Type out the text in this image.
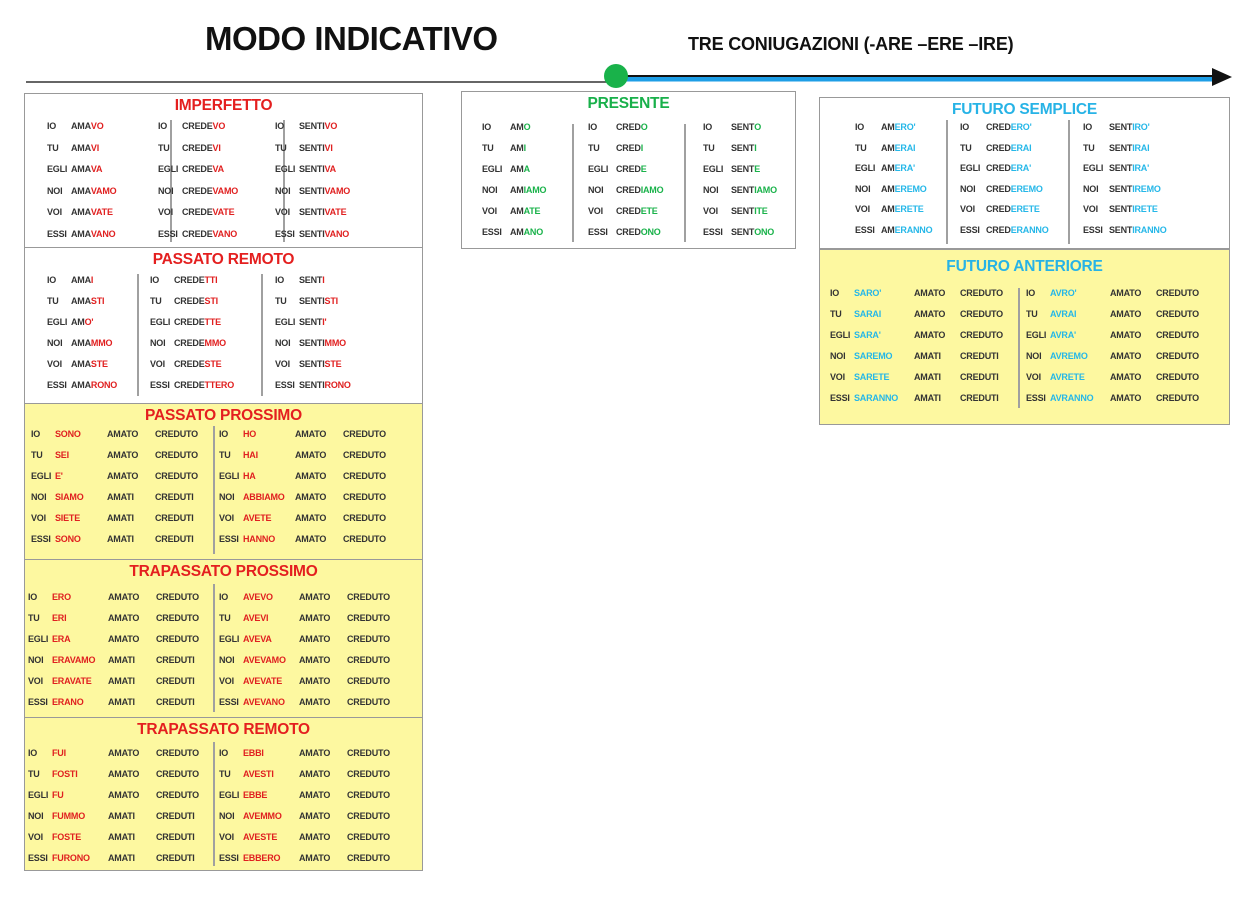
MODO INDICATIVO	TRE CONIUGAZIONI (-ARE –ERE –IRE)
IMPERFETTO
IO AMAVO
TU AMAVI
EGLI AMAVA
NOI AMAVAMO
VOI AMAVATE
ESSI AMAVANO
IO CREDEVO
TU CREDEVI
EGLI CREDEVA
NOI CREDEVAMO
VOI CREDEVATE
ESSI CREDEVANO
IO SENTIVO
TU SENTIVI
EGLI SENTIVA
NOI SENTIVAMO
VOI SENTIVATE
ESSI SENTIVANO
PASSATO REMOTO
IO AMAI
TU AMASTI
EGLI AMO'
NOI AMAMMO
VOI AMASTE
ESSI AMARONO
IO CREDETTI
TU CREDESTI
EGLI CREDETTE
NOI CREDEMMO
VOI CREDESTE
ESSI CREDETTERO
IO SENTI
TU SENTISTI
EGLI SENTI'
NOI SENTIMMO
VOI SENTISTE
ESSI SENTIRONO
PASSATO PROSSIMO
IO SONO	AMATO CREDUTO
TU SEI	AMATO CREDUTO
EGLI E'	AMATO CREDUTO
NOI SIAMO	AMATI CREDUTI
VOI SIETE	AMATI CREDUTI
ESSI SONO	AMATI CREDUTI
IO HO	AMATO CREDUTO
TU HAI	AMATO CREDUTO
EGLI HA	AMATO CREDUTO
NOI ABBIAMO AMATO CREDUTO
VOI AVETE	AMATO CREDUTO
ESSI HANNO AMATO CREDUTO
TRAPASSATO PROSSIMO
IO ERO	AMATO CREDUTO
TU ERI	AMATO CREDUTO
EGLI ERA	AMATO CREDUTO
NOI ERAVAMO AMATI CREDUTI
VOI ERAVATE AMATI CREDUTI
ESSI ERANO	AMATI CREDUTI
IO AVEVO	AMATO CREDUTO
TU AVEVI	AMATO CREDUTO
EGLI AVEVA	AMATO CREDUTO
NOI AVEVAMO AMATO CREDUTO
VOI AVEVATE AMATO CREDUTO
ESSI AVEVANO AMATO CREDUTO
TRAPASSATO REMOTO
IO FUI	AMATO CREDUTO
TU FOSTI	AMATO CREDUTO
EGLI FU	AMATO CREDUTO
NOI FUMMO	AMATI CREDUTI
VOI FOSTE	AMATI CREDUTI
ESSI FURONO AMATI CREDUTI
IO EBBI	AMATO CREDUTO
TU AVESTI	AMATO CREDUTO
EGLI EBBE	AMATO CREDUTO
NOI AVEMMO AMATO CREDUTO
VOI AVESTE AMATO CREDUTO
ESSI EBBERO AMATO CREDUTO
PRESENTE
IO AMO
TU AMI
EGLI AMA
NOI AMIAMO
VOI AMATE
ESSI AMANO
IO CREDO
TU CREDI
EGLI CREDE
NOI CREDIAMO
VOI CREDETE
ESSI CREDONO
IO SENTO
TU SENTI
EGLI SENTE
NOI SENTIAMO
VOI SENTITE
ESSI SENTONO
FUTURO SEMPLICE
IO AMERO'
TU AMERAI
EGLI AMERA'
NOI AMEREMO
VOI AMERETE
ESSI AMERANNO
IO CREDERO'
TU CREDERAI
EGLI CREDERA'
NOI CREDEREMO
VOI CREDERETE
ESSI CREDERANNO
IO SENTIRO'
TU SENTIRAI
EGLI SENTIRA'
NOI SENTIREMO
VOI SENTIRETE
ESSI SENTIRANNO
FUTURO ANTERIORE
IO SARO'	AMATO CREDUTO
TU SARAI	AMATO CREDUTO
EGLI SARA'	AMATO CREDUTO
NOI SAREMO AMATI CREDUTI
VOI SARETE	AMATI CREDUTI
ESSI SARANNO AMATI CREDUTI
IO AVRO'	AMATO CREDUTO
TU AVRAI	AMATO CREDUTO
EGLI AVRA'	AMATO CREDUTO
NOI AVREMO AMATO CREDUTO
VOI AVRETE	AMATO CREDUTO
ESSI AVRANNO AMATO CREDUTO
